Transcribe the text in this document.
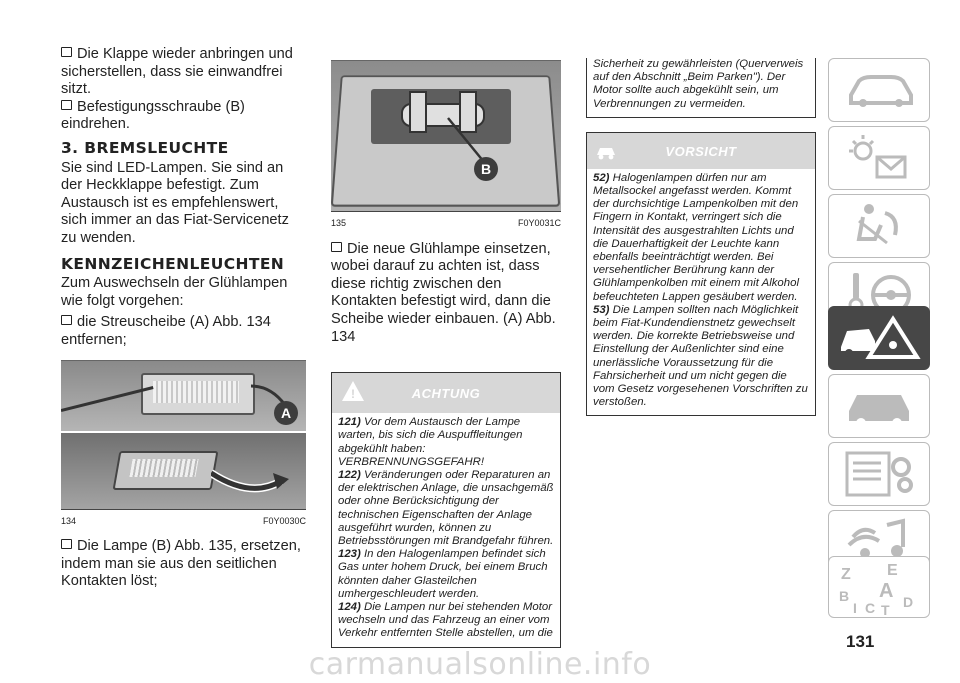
Die Klappe wieder anbringen und sicherstellen, dass sie einwandfrei sitzt.

Befestigungsschraube (B) eindrehen.

3. BREMSLEUCHTE

Sie sind LED-Lampen. Sie sind an der Heckklappe befestigt. Zum Austausch ist es empfehlenswert, sich immer an das Fiat-Servicenetz zu wenden.

KENNZEICHENLEUCHTEN

Zum Auswechseln der Glühlampen wie folgt vorgehen:

die Streuscheibe (A) Abb. 134 entfernen;

A
134	F0Y0030C

Die Lampe (B) Abb. 135, ersetzen, indem man sie aus den seitlichen Kontakten löst;

B
135	F0Y0031C

Die neue Glühlampe einsetzen, wobei darauf zu achten ist, dass diese richtig zwischen den Kontakten befestigt wird, dann die Scheibe wieder einbauen. (A) Abb. 134

!	ACHTUNG

121) Vor dem Austausch der Lampe warten, bis sich die Auspuffleitungen abgekühlt haben: VERBRENNUNGSGEFAHR!

122) Veränderungen oder Reparaturen an der elektrischen Anlage, die unsachgemäß oder ohne Berücksichtigung der technischen Eigenschaften der Anlage ausgeführt wurden, können zu Betriebsstörungen mit Brandgefahr führen.

123) In den Halogenlampen befindet sich Gas unter hohem Druck, bei einem Bruch könnten daher Glasteilchen umhergeschleudert werden.

124) Die Lampen nur bei stehenden Motor wechseln und das Fahrzeug an einer vom Verkehr entfernten Stelle abstellen, um die

Sicherheit zu gewährleisten (Querverweis auf den Abschnitt „Beim Parken"). Der Motor sollte auch abgekühlt sein, um Verbrennungen zu vermeiden.
VORSICHT

52) Halogenlampen dürfen nur am Metallsockel angefasst werden. Kommt der durchsichtige Lampenkolben mit den Fingern in Kontakt, verringert sich die Intensität des ausgestrahlten Lichts und die Dauerhaftigkeit der Leuchte kann ebenfalls beeinträchtigt werden. Bei versehentlicher Berührung kann der Glühlampenkolben mit einem mit Alkohol befeuchteten Lappen gesäubert werden.

53) Die Lampen sollten nach Möglichkeit beim Fiat-Kundendienstnetz gewechselt werden. Die korrekte Betriebsweise und Einstellung der Außenlichter sind eine unerlässliche Voraussetzung für die Fahrsicherheit und um nicht gegen die vom Gesetz vorgesehenen Vorschriften zu verstoßen.

Z E
B A
I C T D
131
carmanualsonline.info
